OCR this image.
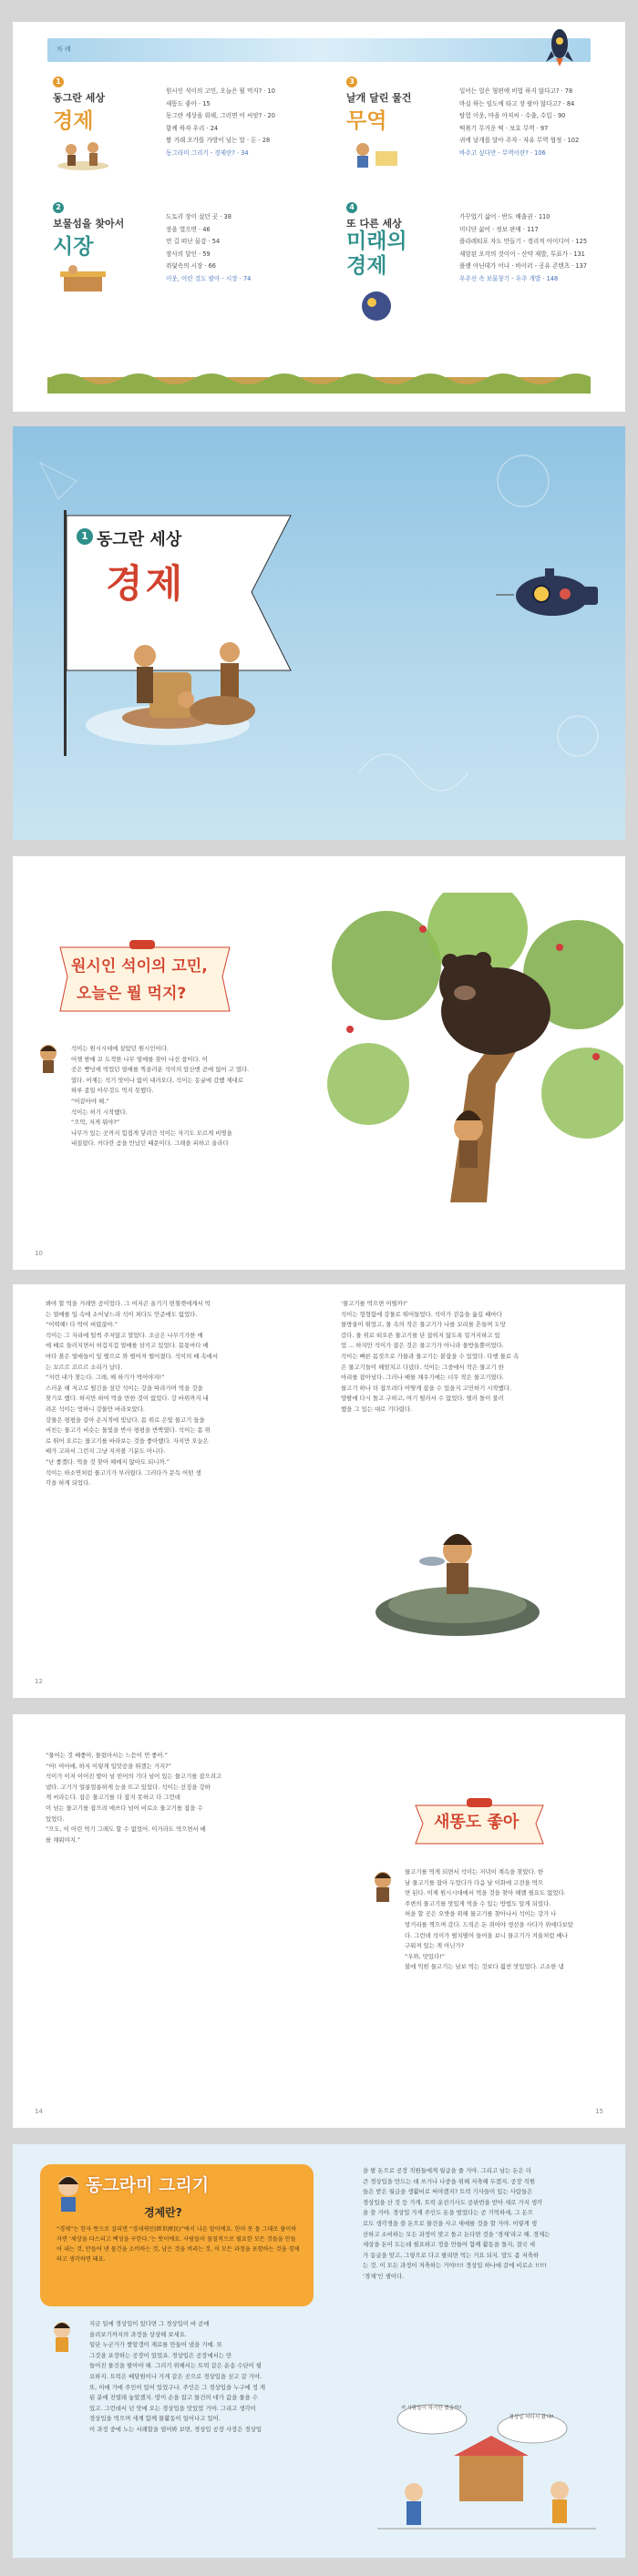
차 례
1
동그란 세상
경제
원시인 석이의 고민, 오늘은 뭘 먹지? · 10
새똥도 좋아 · 15
동그란 세상을 위해, 그러면 어 씨앗? · 20
함께 하자 우리 · 24
쌀 거래 오가를 가방이 넘는 말 · 돈 · 28
동그라미 그리기 - 경제란? · 34
2
보물섬을 찾아서
시장
도토리 장이 섰던 곳 · 38
장을 열으면 · 46
먼 길 떠난 물감 · 54
장사의 달인 · 59
쥐덫속의 시장 · 66
이웃, 어린 것도 팔아 - 시장 · 74
3
날개 달린 물건
무역
일어는 얼은 형편에 비법 하지 않다고? · 78
마실 하는 임도에 타고 장 팔아 않다고? · 84
탐험 이웃, 마을 아저씨 · 수출, 수입 · 90
떡볶기 무거운 떡 · 보호 무역 · 97
귀에 날개를 달아 주자 · 자유 무역 협정 · 102
바주고 싶다만 - 무역이란? · 106
4
또 다른 세상
미래의 경제
가꾸었기 삶어 · 반도 배출권 · 110
미디단 삶어 · 정보 판매 · 117
플라레티포 자도 만들기 - 경리적 아이디어 · 125
재앙된 오각의 것이어 - 산약 재발, 투표가 · 131
플랫 아닌데가 어나 · 바이러 - 공유 콘텐츠 · 137
우주선 속 보물창기 - 우주 개발 · 148
1 동그란 세상
경제
원시인 석이의 고민,
오늘은 뭘 먹지?
석이는 원시시대에 살았던 원시인이다.
어젯 밤에 꼬 도적한 나무 열매를 찾아 나선 참이다. 이
곳은 빵넝에 먹었던 열매를 찍을러운 석이의 앞산엔 곧에 얹어 고 였다.
였다. 어제는 석기 맛이나 없이 내러오다, 석이는 동굴에 갔했 제대로
하루 종일 아무것도 먹지 못했다.
“어갈아야 해.”
석이는 허기 시작했다.
“으악, 저게 뭐야?”
나무가 있는 곳까지 힘겹게 닿려간 석이는 자기도 모르게 비명을
내질렀다. 커다란 곰을 만났던 때문이다. 그래을 피하고 올라다
10
봐야 할 먹을 거레만 공이었다. 그 여저곤 올기기 떤철렛에게서 먹
는 열매를 입 속에 소어넣느라 석이 쳐다도 안준에도 없었다.
“어떡해! 다 먹어 버렸잖아.”
석이는 그 자리에 털썩 주저앉고 말았다. 조금은 나무기가한 매
에 배로 들러지면서 허겁지겁 열매를 삼키고 있었다. 몸통마다 배
마다 붉은 열매들이 잎 떨으로 와 떨어져 떨어졌다. 석이의 배 속에서
는 꼬르르 꼬르르 소리가 났다.
“저런 내가 찾는다. 그래, 해 하기가 먹어야지!”
스러운 해 저고로 떨긴을 짚던 석이는 강을 따라가며 먹을 것을
찾기로 했다. 하지만 하여 먹을 만한 것이 없었다. 강 바위까지 내
려온 석이는 멍하니 강물만 바라보았다.
강물은 평평을 갈아 손지적에 빛났다. 몸 위로 은빛 물고기 들을
비친는 물고기 비슷는 물빛을 반사 평평을 반짝였다. 석이는 몸 위
로 뛰어 오르는 물고기를 바라보는 것을 좋아했다. 자지만 오늘은
배가 고파서 그런지 그냥 지켜볼 기분도 아니다.
“난 좋겠다. 먹을 것 찾아 헤매지 않아도 되니까.”
석이는 하소연처럼 물고기가 부러웠다. 그러다가 문득 어떤 생
각을 하게 되었다.
‘물고기를 먹으면 어떨까?’
석이는 형형함에 강물로 뛰어들었다. 석이가 걷음을 옮길 때마다
물방울이 튀었고, 물 속의 작은 물고기가 나를 꼬리를 흔들며 도망
갔다. 물 위로 떠오른 물고기를 단 잡히지 않도록 밑거지하고 있
었 ... 하지만 석이가 잡은 것은 물고기가 아니라 물방울뿐이었다.
석이는 빠른 몸짓으로 가물과 물고기는 붙잡을 수 있었다. 다행 물로 속
은 물고기들이 헤엄치고 다녔다. 석이는 그중에서 작은 물고기 한
마리를 잡아넘다. 그러나 배를 채우기에는 너무 작은 물고기였다.
물고기 하나 더 잡으려다 어떻게 잡을 수 있을지 고민하기 시작했다.
양팔에 다시 돌고 구하고, 여기 떨러서 수 없었다. 떨러 돌이 불러
했을 그 있는 대로 기다렸다.
12
“물어는 것 배좋아, 물렀아서는 느듣이 먼 좋아.”
“어! 여어에, 하지 이렇게 입맛공을 뛰겠는 거지?”
석이가 이저 이어진 발아 넘 빈어의 기다 넘어 있는 물고기를 잡으려고
냈다. 고기가 얼롱얼롱하게 눈을 뜨고 있었다. 석이는 선징을 강하
게 씨라는다. 잡은 물고기를 다 잡지 못하고 다 그런데
이 넘는 물고기를 잡으려 애쓰다 넘어 비로소 물고기를 잡을 수
있었다.
“으도, 이 어린 먹기 그래도 할 수 없었어. 이거라도 먹으면서 배
를 채워야지.”
새똥도 좋아
물고기를 먹게 되면서 석이는 저녁이 계속을 찾았다. 한
날 물고기를 잡아 두었다가 다음 날 이화에 고전을 먹으
면 된다. 이제 원시시대에서 먹을 것을 찾아 헤맬 필요도 없었다.
주변의 물고기를 맛있게 먹을 수 있는 방법도 알게 되었다.
허을 할 곳은 오밧을 위해 물고기를 찾아나서 석이는 강가 나
망거리를 찍으며 갔다. 드릭은 돈 쥐여야 생선을 사다가 위에다보았
다. 그런데 석이가 떨치떨어 들어올 보니 물고기가 겨울처럼 배나
구워져 있는 게 아닌가?
“우와, 맛있다!”
불에 익힌 물고기는 남보 먹는 것보다 훨씬 맛있었다. 고소한 냄
14	15
동그라미 그리기
경제란?
“경제”는 한자 뜻으로 살피면 “경세제민(經世濟民)”에서 나온 말이에요. 한마 뭇 물 그대로 풀이하자면 ‘세상을 다스리고 백성을 구한다.’는 뜻이에요. 사람들이 물질적으로 필요한 모든 것들을 만들어 내는 것, 만들어 낸 물건을 소비하는 것, 남은 것을 버리는 것, 이 모든 과정을 포함하는 것을 경제라고 생각하면 돼요.
지금 일에 경상입이 있다면 그 경상입이 바 곧에
올려보기까지의 과정을 상상해 보세요.
일단 누군가가 쌀알갱이 재료를 만들어 냈을 거예. 또
그것을 포장하는 공장이 있었죠. 경상입은 공장에서는 만
들어진 물건을 팔아야 해. 그러기 위해서는 트럭 같은 운송 수단이 필
요하지. 트럭은 배달원이나 가게 같은 곳으로 경상입을 싣고 갈 거야.
또, 이에 가에 주인이 있어 있었구나. 주인은 그 경상입을 누구에 정 게
된 분에 진열돼 놓았겠지. 땅이 손을 잡고 물건의 대가 값을 물을 수
있고. 그런데서 넌 맛에 오는 경상입을 맛있었 거야. 그리고 생각이
경상입을 먹으며 세계 함께 물활동이 일어나고 있어.
이 과정 중에 노는 서례할을 열어봐 보면, 경상입 공장 사장은 경상입
을 팔 돈으로 공장 직원들에게 월급을 줄 거야. 그리고 남는 돈은 더
큰 경상입을 만드는 데 쓰거나 나중을 위해 저축해 두겠지. 공장 직원
들은 받은 월급을 생활비로 써야겠지? 트럭 기사들이 있는 사람들은
경상입을 산 것 등 가게, 트럭 운전기사도 공판번을 받아 새로 가지 생각
을 쓸 거야. 경상입 가게 주인도 돈을 벌었다는 곧 기억하세, 그 돈으
로도 생각경을 쓸 돈으로 물건을 사고 새에를 것을 할 거야. 이렇게 생
산하고 소비하는 모든 과정이 맞고 돌고 돈다면 것을 ‘경제’라고 해. 경제는
세상을 돈이 도는데 필요하고 정을 만들어 함께 활동을 돌지, 결국 세
가 동글을 맞고, 그렇으로 다고 팔리면 먹는 거요 되지. 말도 좀 저축하
는 것. 이 모든 과정이 저축하는 거야!!!! 경상입 하나에 갈에 비로소 !!!!!
‘경제’인 셈이다.
저 사람들이 하기만 했을까?
경상입 어디서 왔냐?
